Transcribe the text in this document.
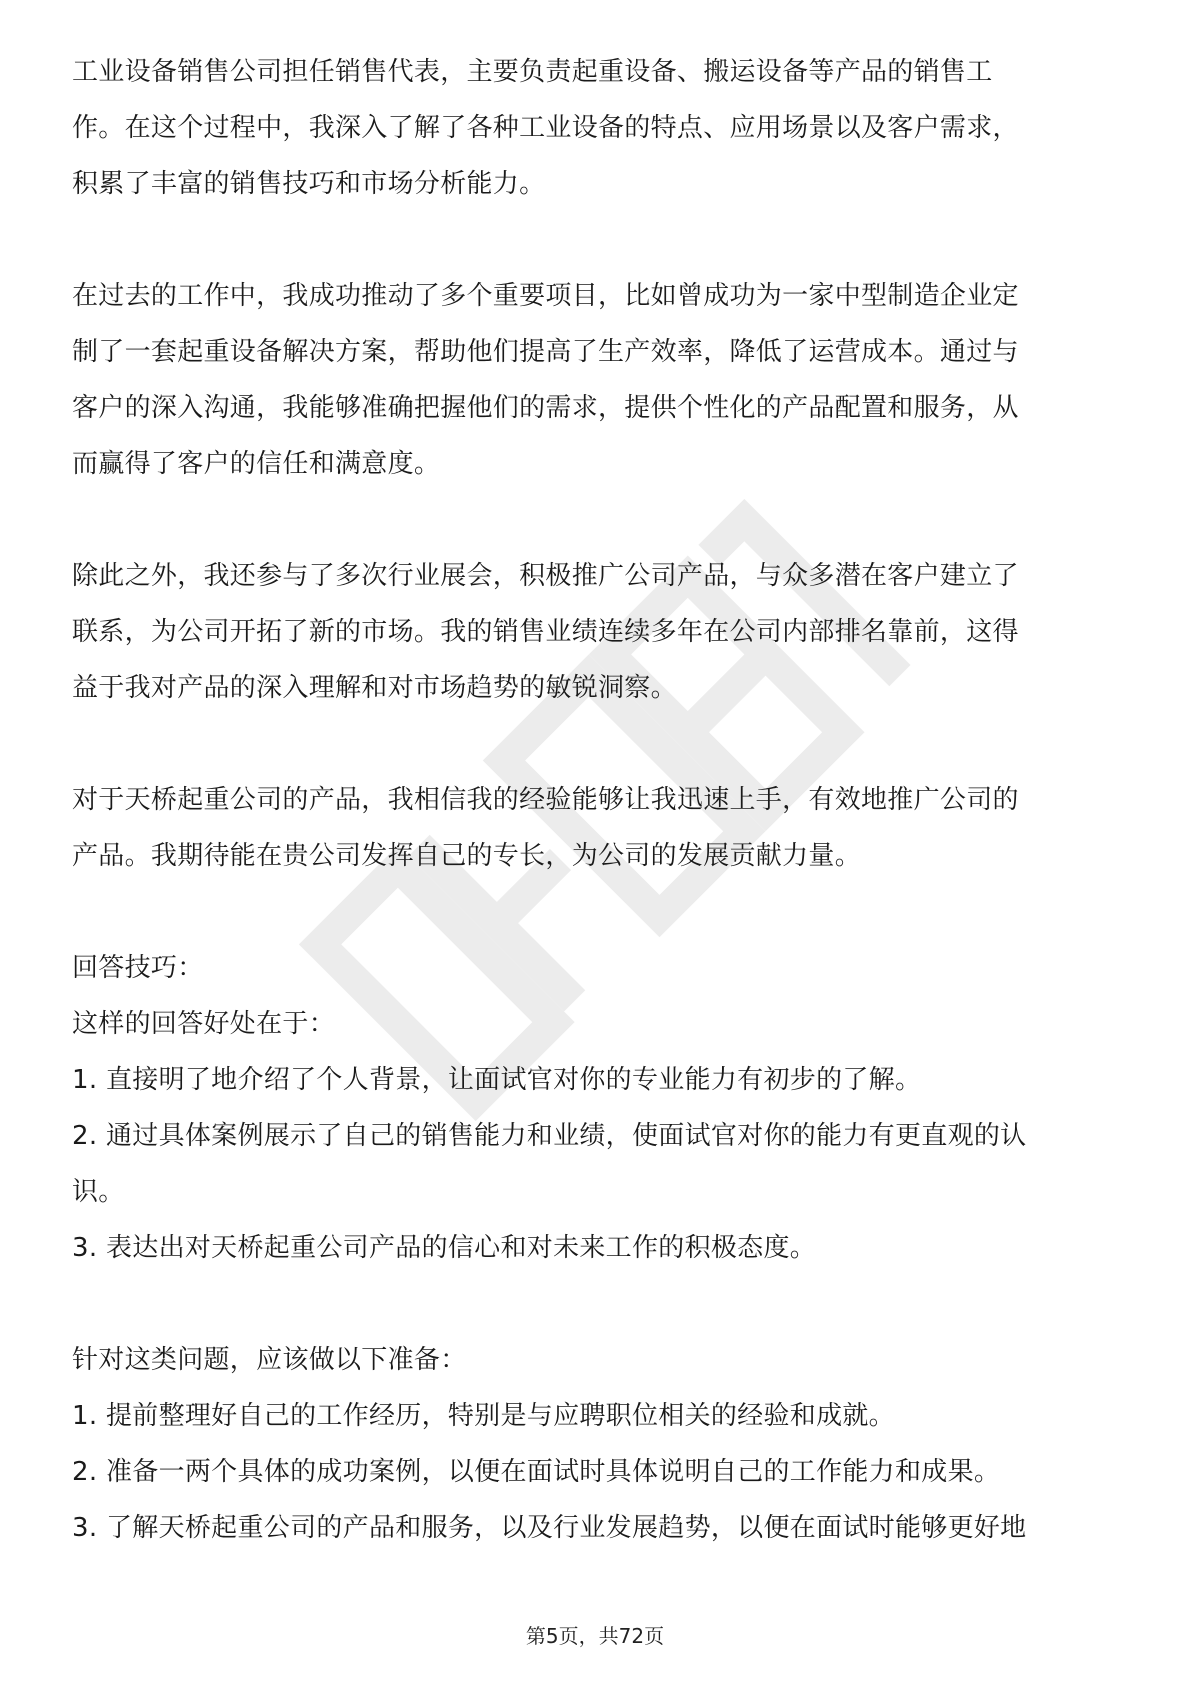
工业设备销售公司担任销售代表，主要负责起重设备、搬运设备等产品的销售工
作。在这个过程中，我深入了解了各种工业设备的特点、应用场景以及客户需求，
积累了丰富的销售技巧和市场分析能力。
在过去的工作中，我成功推动了多个重要项目，比如曾成功为一家中型制造企业定
制了一套起重设备解决方案，帮助他们提高了生产效率，降低了运营成本。通过与
客户的深入沟通，我能够准确把握他们的需求，提供个性化的产品配置和服务，从
而赢得了客户的信任和满意度。
除此之外，我还参与了多次行业展会，积极推广公司产品，与众多潜在客户建立了
联系，为公司开拓了新的市场。我的销售业绩连续多年在公司内部排名靠前，这得
益于我对产品的深入理解和对市场趋势的敏锐洞察。
对于天桥起重公司的产品，我相信我的经验能够让我迅速上手，有效地推广公司的
产品。我期待能在贵公司发挥自己的专长，为公司的发展贡献力量。
回答技巧：
这样的回答好处在于：
1. 直接明了地介绍了个人背景，让面试官对你的专业能力有初步的了解。
2. 通过具体案例展示了自己的销售能力和业绩，使面试官对你的能力有更直观的认
识。
3. 表达出对天桥起重公司产品的信心和对未来工作的积极态度。
针对这类问题，应该做以下准备：
1. 提前整理好自己的工作经历，特别是与应聘职位相关的经验和成就。
2. 准备一两个具体的成功案例，以便在面试时具体说明自己的工作能力和成果。
3. 了解天桥起重公司的产品和服务，以及行业发展趋势，以便在面试时能够更好地
第5页，共72页
